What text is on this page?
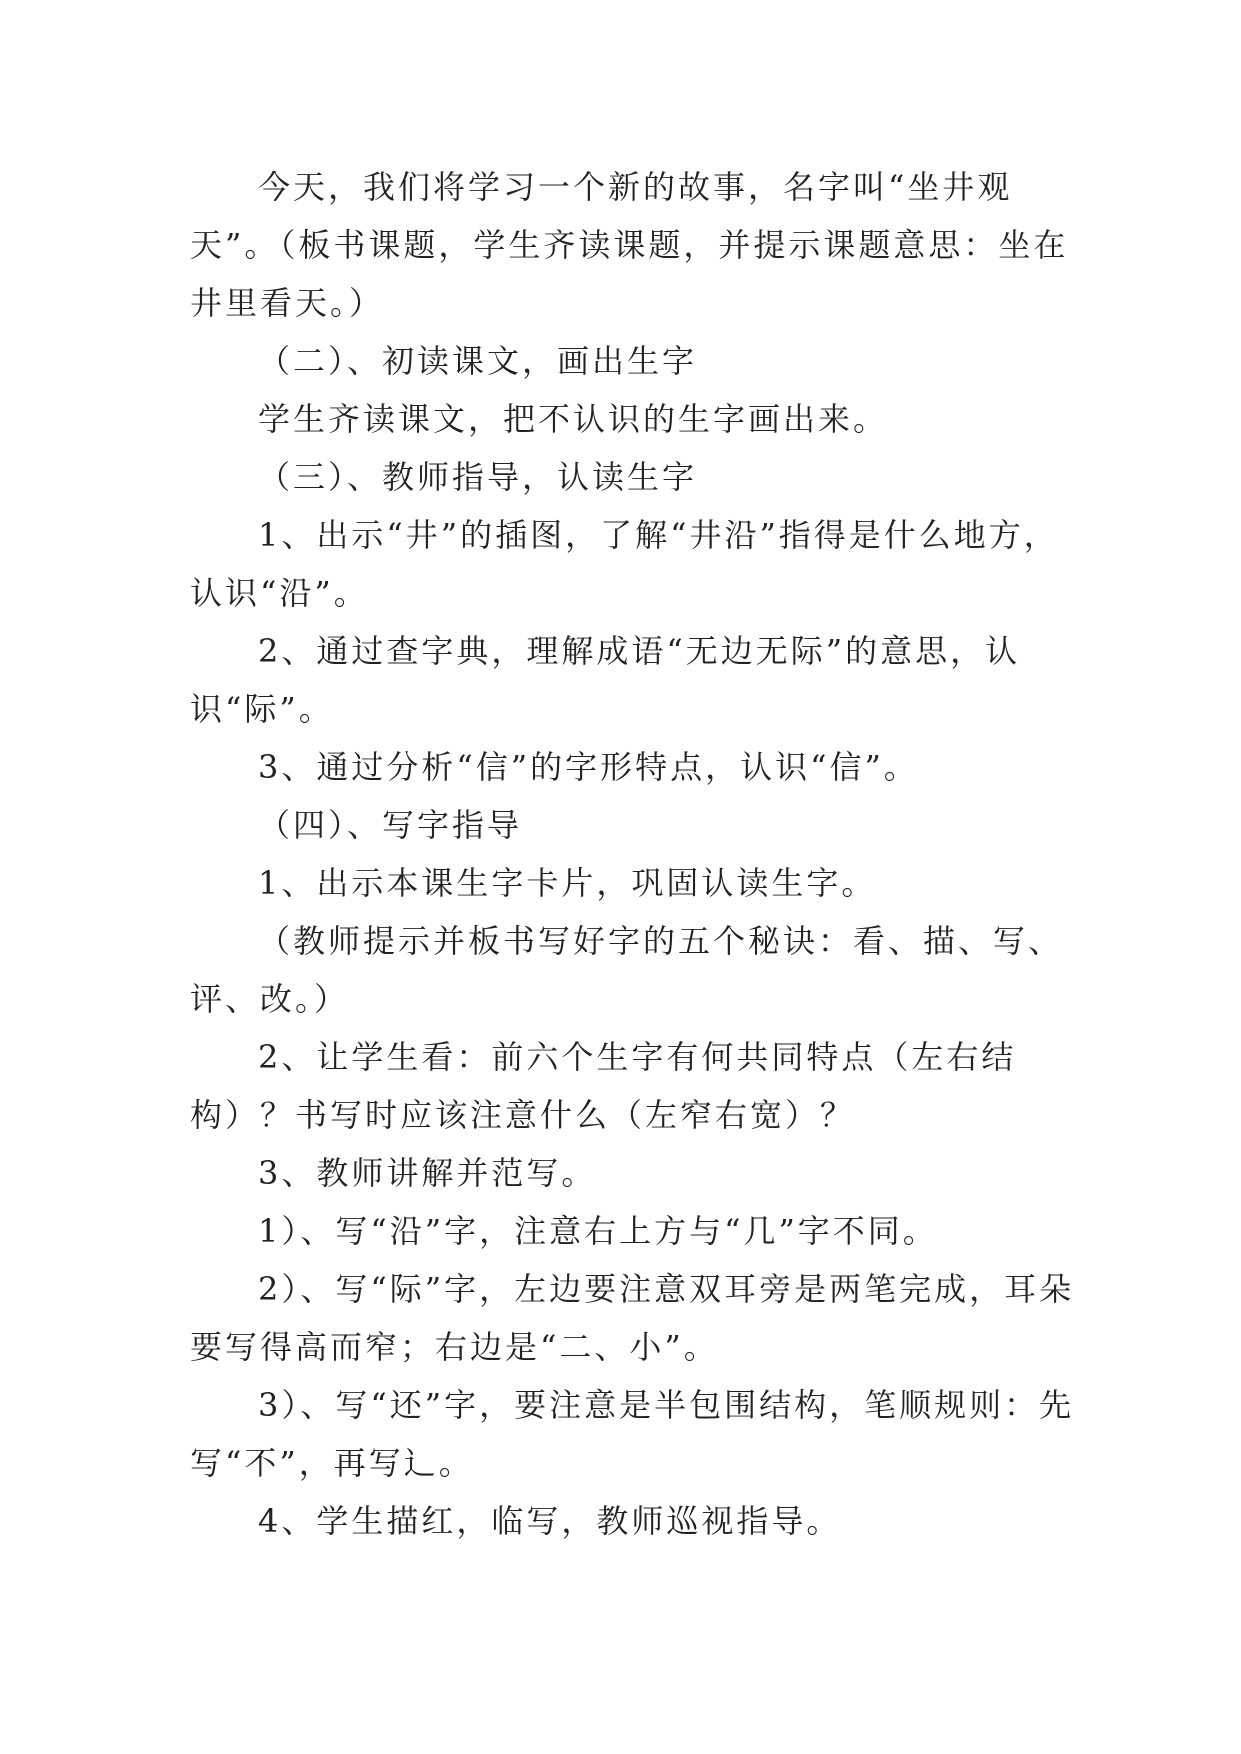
今天，我们将学习一个新的故事，名字叫“坐井观天”。（板书课题，学生齐读课题，并提示课题意思：坐在井里看天。）

（二）、初读课文，画出生字

学生齐读课文，把不认识的生字画出来。

（三）、教师指导，认读生字

1、出示“井”的插图，了解“井沿”指得是什么地方，认识“沿”。

2、通过查字典，理解成语“无边无际”的意思，认识“际”。

3、通过分析“信”的字形特点，认识“信”。

（四）、写字指导

1、出示本课生字卡片，巩固认读生字。

（教师提示并板书写好字的五个秘诀：看、描、写、评、改。）

2、让学生看：前六个生字有何共同特点（左右结构）？书写时应该注意什么（左窄右宽）？

3、教师讲解并范写。

1）、写“沿”字，注意右上方与“几”字不同。

2）、写“际”字，左边要注意双耳旁是两笔完成，耳朵要写得高而窄；右边是“二、小”。

3）、写“还”字，要注意是半包围结构，笔顺规则：先写“不”，再写⻌。

4、学生描红，临写，教师巡视指导。
